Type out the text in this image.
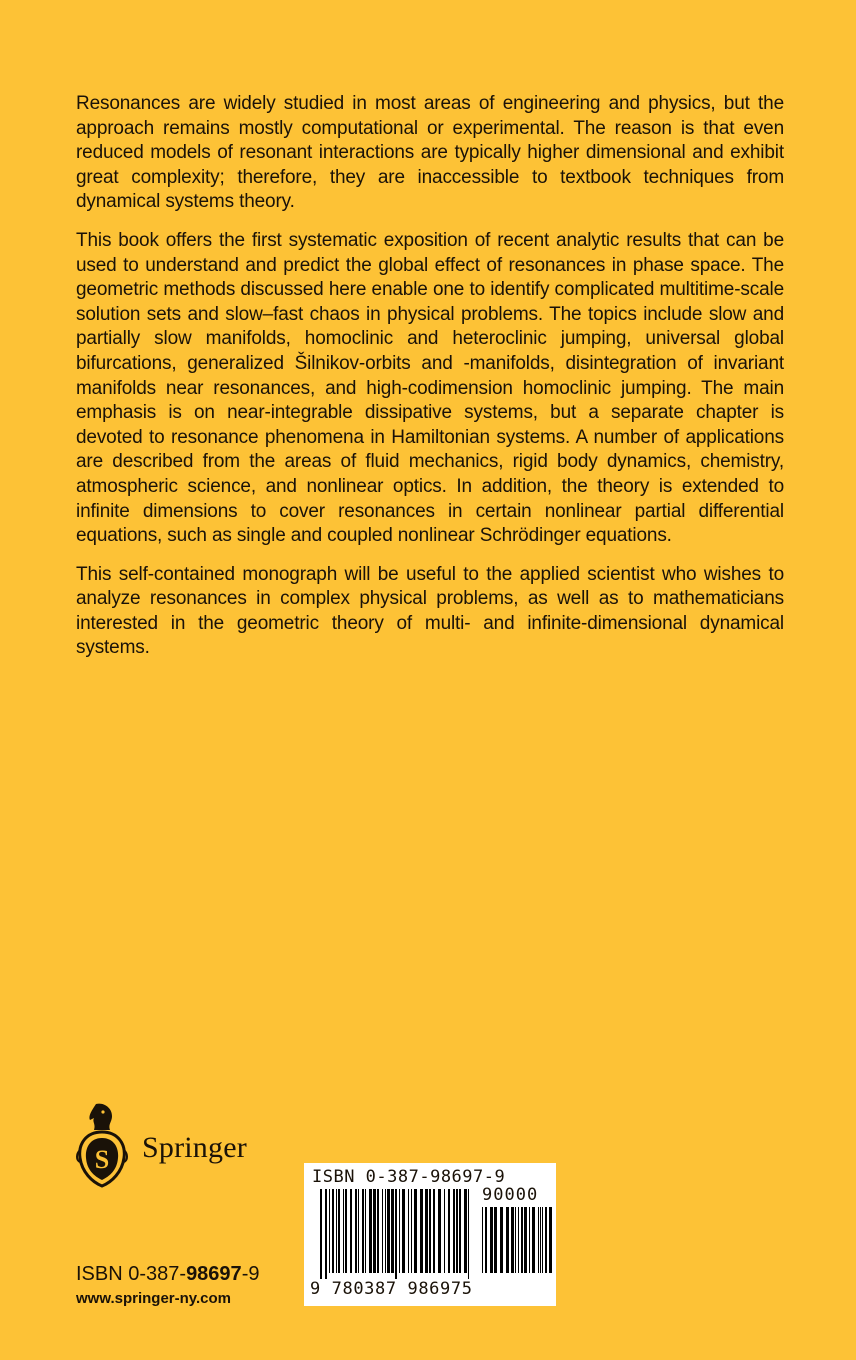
Resonances are widely studied in most areas of engineering and physics, but the approach remains mostly computational or experimental. The reason is that even reduced models of resonant interactions are typically higher dimensional and exhibit great complexity; therefore, they are inaccessible to textbook techniques from dynamical systems theory.

This book offers the first systematic exposition of recent analytic results that can be used to understand and predict the global effect of resonances in phase space. The geometric methods discussed here enable one to identify complicated multitime-scale solution sets and slow–fast chaos in physical problems. The topics include slow and partially slow manifolds, homoclinic and heteroclinic jumping, universal global bifurcations, generalized Šilnikov-orbits and -manifolds, disintegration of invariant manifolds near resonances, and high-codimension homoclinic jumping. The main emphasis is on near-integrable dissipative systems, but a separate chapter is devoted to resonance phenomena in Hamiltonian systems. A number of applications are described from the areas of fluid mechanics, rigid body dynamics, chemistry, atmospheric science, and nonlinear optics. In addition, the theory is extended to infinite dimensions to cover resonances in certain nonlinear partial differential equations, such as single and coupled nonlinear Schrödinger equations.

This self-contained monograph will be useful to the applied scientist who wishes to analyze resonances in complex physical problems, as well as to mathematicians interested in the geometric theory of multi- and infinite-dimensional dynamical systems.

S Springer
ISBN 0-387-98697-9
www.springer-ny.com
ISBN 0-387-98697-9
90000
9 780387 986975
